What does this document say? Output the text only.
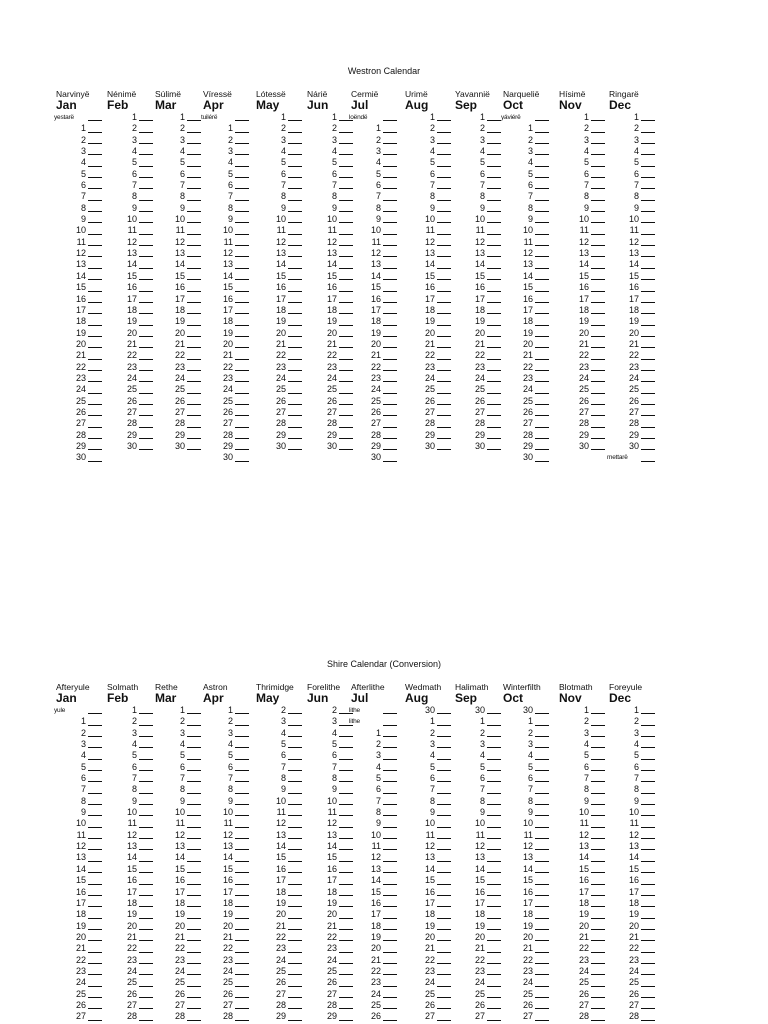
Westron Calendar
Narvinyë
Jan
yestarë
1
2
3
4
5
6
7
8
9
10
11
12
13
14
15
16
17
18
19
20
21
22
23
24
25
26
27
28
29
30
Nénimë
Feb
1
2
3
4
5
6
7
8
9
10
11
12
13
14
15
16
17
18
19
20
21
22
23
24
25
26
27
28
29
30
Súlimë
Mar
1
2
3
4
5
6
7
8
9
10
11
12
13
14
15
16
17
18
19
20
21
22
23
24
25
26
27
28
29
30
Víressë
Apr
tuilérë
1
2
3
4
5
6
7
8
9
10
11
12
13
14
15
16
17
18
19
20
21
22
23
24
25
26
27
28
29
30
Lótessë
May
1
2
3
4
5
6
7
8
9
10
11
12
13
14
15
16
17
18
19
20
21
22
23
24
25
26
27
28
29
30
Nárië
Jun
1
2
3
4
5
6
7
8
9
10
11
12
13
14
15
16
17
18
19
20
21
22
23
24
25
26
27
28
29
30
Cermië
Jul
loëndë
1
2
3
4
5
6
7
8
9
10
11
12
13
14
15
16
17
18
19
20
21
22
23
24
25
26
27
28
29
30
Urimë
Aug
1
2
3
4
5
6
7
8
9
10
11
12
13
14
15
16
17
18
19
20
21
22
23
24
25
26
27
28
29
30
Yavannië
Sep
1
2
3
4
5
6
7
8
9
10
11
12
13
14
15
16
17
18
19
20
21
22
23
24
25
26
27
28
29
30
Narquelië
Oct
yáviérë
1
2
3
4
5
6
7
8
9
10
11
12
13
14
15
16
17
18
19
20
21
22
23
24
25
26
27
28
29
30
Hísimë
Nov
1
2
3
4
5
6
7
8
9
10
11
12
13
14
15
16
17
18
19
20
21
22
23
24
25
26
27
28
29
30
Ringarë
Dec
1
2
3
4
5
6
7
8
9
10
11
12
13
14
15
16
17
18
19
20
21
22
23
24
25
26
27
28
29
30
mettarë
Shire Calendar (Conversion)
Afteryule
Jan
yule
1
2
3
4
5
6
7
8
9
10
11
12
13
14
15
16
17
18
19
20
21
22
23
24
25
26
27
Solmath
Feb
1
2
3
4
5
6
7
8
9
10
11
12
13
14
15
16
17
18
19
20
21
22
23
24
25
26
27
28
Rethe
Mar
1
2
3
4
5
6
7
8
9
10
11
12
13
14
15
16
17
18
19
20
21
22
23
24
25
26
27
28
Astron
Apr
1
2
3
4
5
6
7
8
9
10
11
12
13
14
15
16
17
18
19
20
21
22
23
24
25
26
27
28
Thrimidge
May
2
3
4
5
6
7
8
9
10
11
12
13
14
15
16
17
18
19
20
21
22
23
24
25
26
27
28
29
Forelithe
Jun
2
3
4
5
6
7
8
9
10
11
12
13
14
15
16
17
18
19
20
21
22
23
24
25
26
27
28
29
Afterlithe
Jul
lithe
lithe
1
2
3
4
5
6
7
8
9
10
11
12
13
14
15
16
17
18
19
20
21
22
23
24
25
26
Wedmath
Aug
30
1
2
3
4
5
6
7
8
9
10
11
12
13
14
15
16
17
18
19
20
21
22
23
24
25
26
27
Halimath
Sep
30
1
2
3
4
5
6
7
8
9
10
11
12
13
14
15
16
17
18
19
20
21
22
23
24
25
26
27
Winterfilth
Oct
30
1
2
3
4
5
6
7
8
9
10
11
12
13
14
15
16
17
18
19
20
21
22
23
24
25
26
27
Blotmath
Nov
1
2
3
4
5
6
7
8
9
10
11
12
13
14
15
16
17
18
19
20
21
22
23
24
25
26
27
28
Foreyule
Dec
1
2
3
4
5
6
7
8
9
10
11
12
13
14
15
16
17
18
19
20
21
22
23
24
25
26
27
28
